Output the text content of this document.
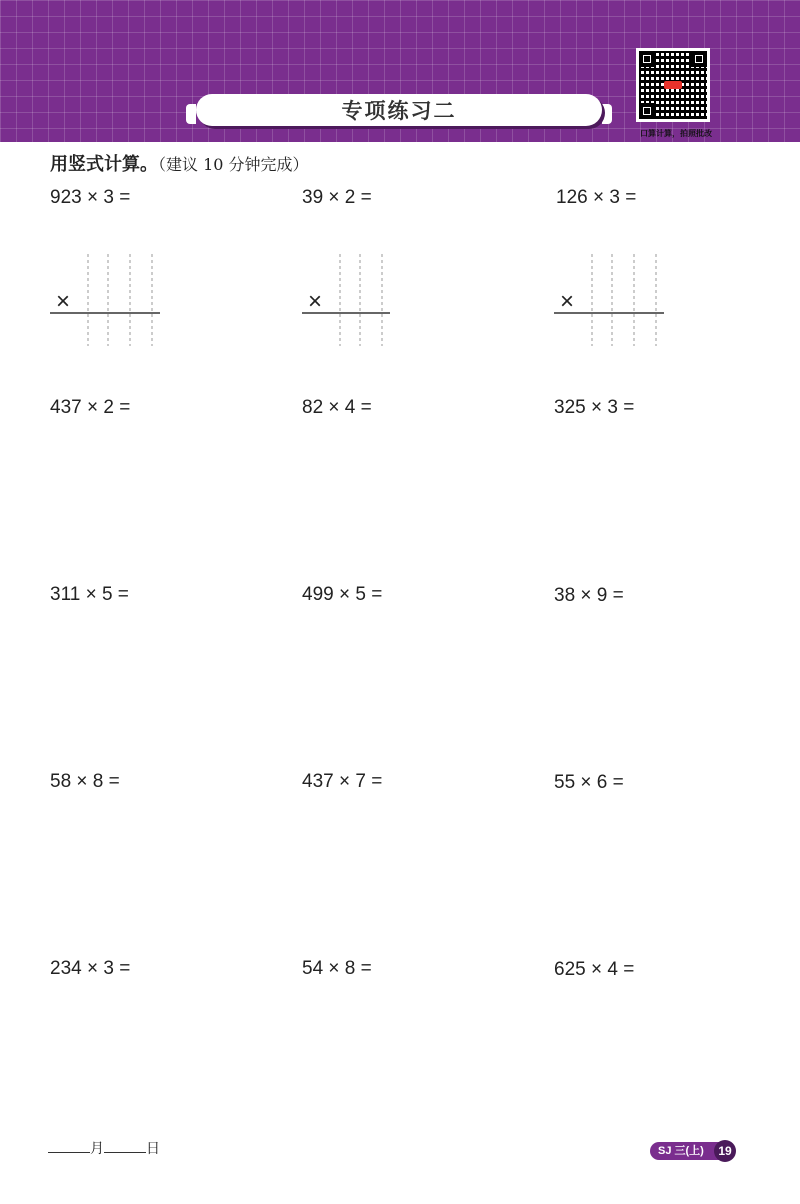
专项练习二
口算计算，拍照批改
用竖式计算。（建议 10 分钟完成）
923 × 3 =	39 × 2 =	126 × 3 =
×	×	×
437 × 2 =	82 × 4 =	325 × 3 =
311 × 5 =	499 × 5 =	38 × 9 =
58 × 8 =	437 × 7 =	55 × 6 =
234 × 3 =	54 × 8 =	625 × 4 =
月	日	SJ 三(上)	19
